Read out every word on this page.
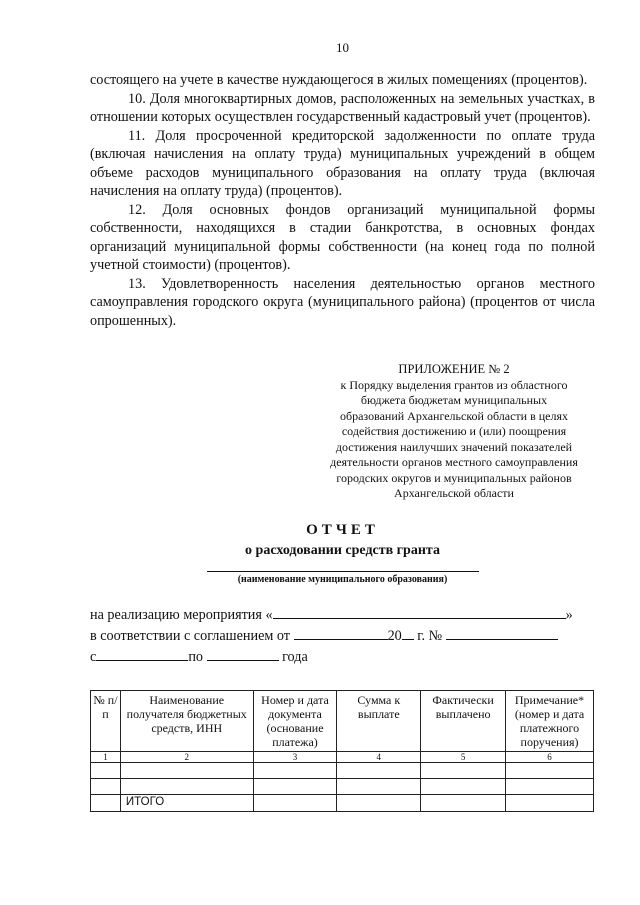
10

состоящего на учете в качестве нуждающегося в жилых помещениях (процентов).

10. Доля многоквартирных домов, расположенных на земельных участках, в отношении которых осуществлен государственный кадастровый учет (процентов).

11. Доля просроченной кредиторской задолженности по оплате труда (включая начисления на оплату труда) муниципальных учреждений в общем объеме расходов муниципального образования на оплату труда (включая начисления на оплату труда) (процентов).

12. Доля основных фондов организаций муниципальной формы собственности, находящихся в стадии банкротства, в основных фондах организаций муниципальной формы собственности (на конец года по полной учетной стоимости) (процентов).

13. Удовлетворенность населения деятельностью органов местного самоуправления городского округа (муниципального района) (процентов от числа опрошенных).

ПРИЛОЖЕНИЕ № 2
к Порядку выделения грантов из областного
бюджета бюджетам муниципальных
образований Архангельской области в целях
содействия достижению и (или) поощрения
достижения наилучших значений показателей
деятельности органов местного самоуправления
городских округов и муниципальных районов
Архангельской области
ОТЧЕТ
о расходовании средств гранта
(наименование муниципального образования)
на реализацию мероприятия «	»
в соответствии с соглашением от	20 г. №
с	по	года
№ п/п	Наименование получателя бюджетных средств, ИНН	Номер и дата документа (основание платежа)	Сумма к выплате	Фактически выплачено	Примечание* (номер и дата платежного поручения)
1	2	3	4	5	6

	ИТОГО				
